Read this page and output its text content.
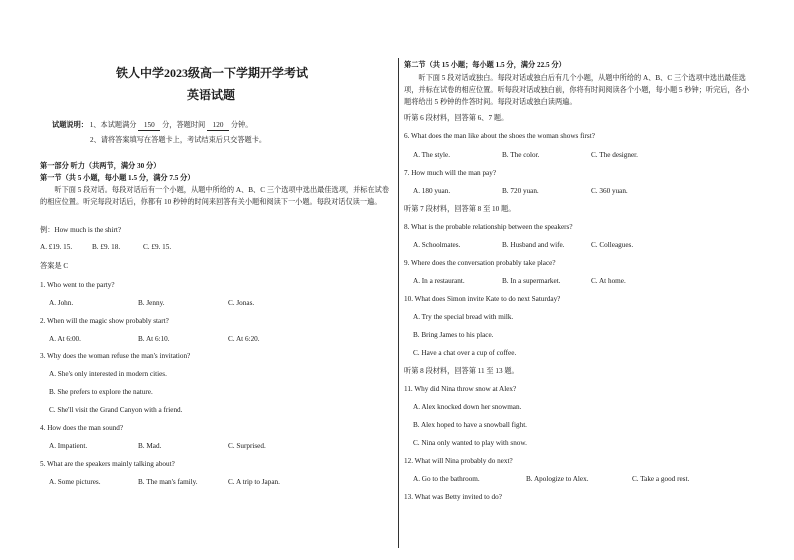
铁人中学2023级高一下学期开学考试
英语试题
试题说明： 1、本试题满分 150 分，答题时间 120 分钟。
2、请将答案填写在答题卡上，考试结束后只交答题卡。
第一部分 听力（共两节，满分 30 分）
第一节（共 5 小题，每小题 1.5 分，满分 7.5 分）
听下面 5 段对话。每段对话后有一个小题，从题中所给的 A、B、C 三个选项中选出最佳选项，并标在试卷的相应位置。听完每段对话后，你都有 10 秒钟的时间来回答有关小题和阅读下一小题。每段对话仅读一遍。
例：How much is the shirt?
A. £19. 15.	B. £9. 18.	C. £9. 15.
答案是 C
1. Who went to the party?
A. John.	B. Jenny.	C. Jonas.
2. When will the magic show probably start?
A. At 6:00.	B. At 6:10.	C. At 6:20.
3. Why does the woman refuse the man's invitation?
A. She's only interested in modern cities.
B. She prefers to explore the nature.
C. She'll visit the Grand Canyon with a friend.
4. How does the man sound?
A. Impatient.	B. Mad.	C. Surprised.
5. What are the speakers mainly talking about?
A. Some pictures.	B. The man's family.	C. A trip to Japan.
第二节（共 15 小题；每小题 1.5 分，满分 22.5 分）
听下面 5 段对话或独白。每段对话或独白后有几个小题，从题中所给的 A、B、C 三个选项中选出最佳选项，并标在试卷的相应位置。听每段对话或独白前，你将有时间阅读各个小题，每小题 5 秒钟；听完后，各小题将给出 5 秒钟的作答时间。每段对话或独白读两遍。
听第 6 段材料，回答第 6、7 题。
6. What does the man like about the shoes the woman shows first?
A. The style.	B. The color.	C. The designer.
7. How much will the man pay?
A. 180 yuan.	B. 720 yuan.	C. 360 yuan.
听第 7 段材料，回答第 8 至 10 题。
8. What is the probable relationship between the speakers?
A. Schoolmates.	B. Husband and wife.	C. Colleagues.
9. Where does the conversation probably take place?
A. In a restaurant.	B. In a supermarket.	C. At home.
10. What does Simon invite Kate to do next Saturday?
A. Try the special bread with milk.
B. Bring James to his place.
C. Have a chat over a cup of coffee.
听第 8 段材料，回答第 11 至 13 题。
11. Why did Nina throw snow at Alex?
A. Alex knocked down her snowman.
B. Alex hoped to have a snowball fight.
C. Nina only wanted to play with snow.
12. What will Nina probably do next?
A. Go to the bathroom.	B. Apologize to Alex.	C. Take a good rest.
13. What was Betty invited to do?
